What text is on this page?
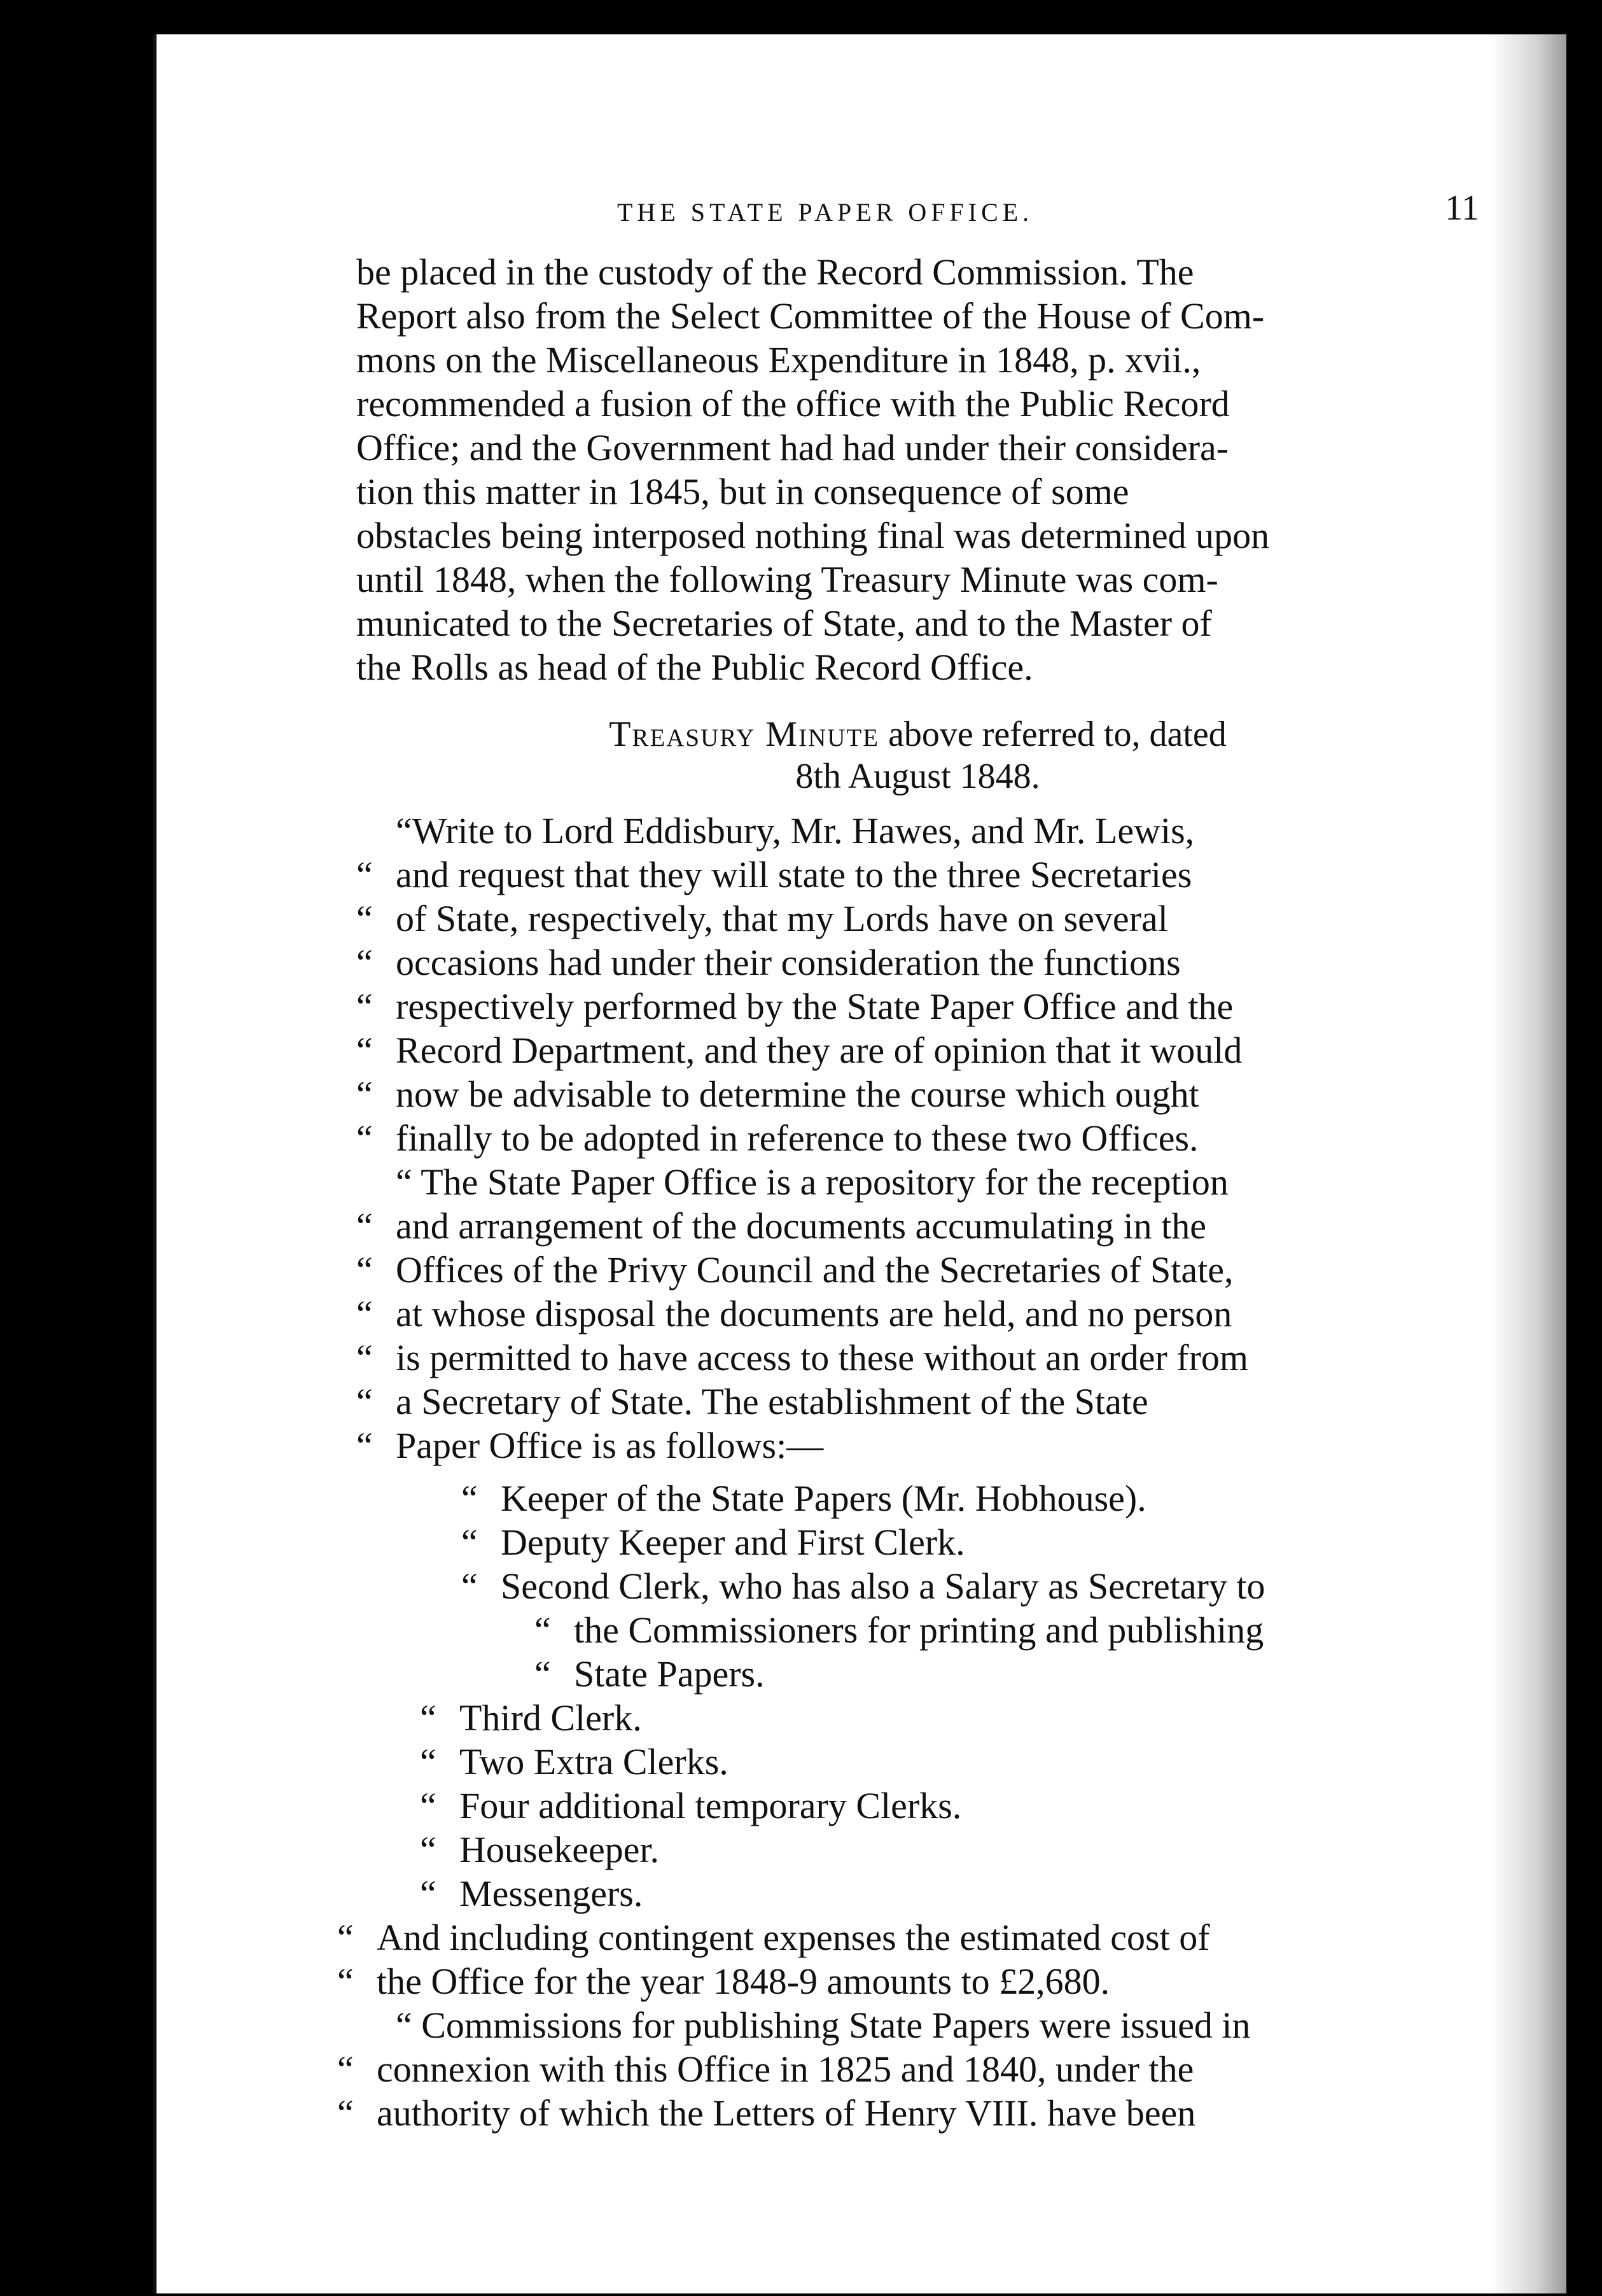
THE STATE PAPER OFFICE.	11
be placed in the custody of the Record Commission. The
Report also from the Select Committee of the House of Com-
mons on the Miscellaneous Expenditure in 1848, p. xvii.,
recommended a fusion of the office with the Public Record
Office; and the Government had had under their considera-
tion this matter in 1845, but in consequence of some
obstacles being interposed nothing final was determined upon
until 1848, when the following Treasury Minute was com-
municated to the Secretaries of State, and to the Master of
the Rolls as head of the Public Record Office.
Treasury Minute above referred to, dated
8th August 1848.
“Write to Lord Eddisbury, Mr. Hawes, and Mr. Lewis,
“ and request that they will state to the three Secretaries
“ of State, respectively, that my Lords have on several
“ occasions had under their consideration the functions
“ respectively performed by the State Paper Office and the
“ Record Department, and they are of opinion that it would
“ now be advisable to determine the course which ought
“ finally to be adopted in reference to these two Offices.
“ The State Paper Office is a repository for the reception
“ and arrangement of the documents accumulating in the
“ Offices of the Privy Council and the Secretaries of State,
“ at whose disposal the documents are held, and no person
“ is permitted to have access to these without an order from
“ a Secretary of State. The establishment of the State
“ Paper Office is as follows:—
“ Keeper of the State Papers (Mr. Hobhouse).
“ Deputy Keeper and First Clerk.
“ Second Clerk, who has also a Salary as Secretary to
“ the Commissioners for printing and publishing
“ State Papers.
“ Third Clerk.
“ Two Extra Clerks.
“ Four additional temporary Clerks.
“ Housekeeper.
“ Messengers.
“ And including contingent expenses the estimated cost of
“ the Office for the year 1848-9 amounts to £2,680.
“ Commissions for publishing State Papers were issued in
“ connexion with this Office in 1825 and 1840, under the
“ authority of which the Letters of Henry VIII. have been
